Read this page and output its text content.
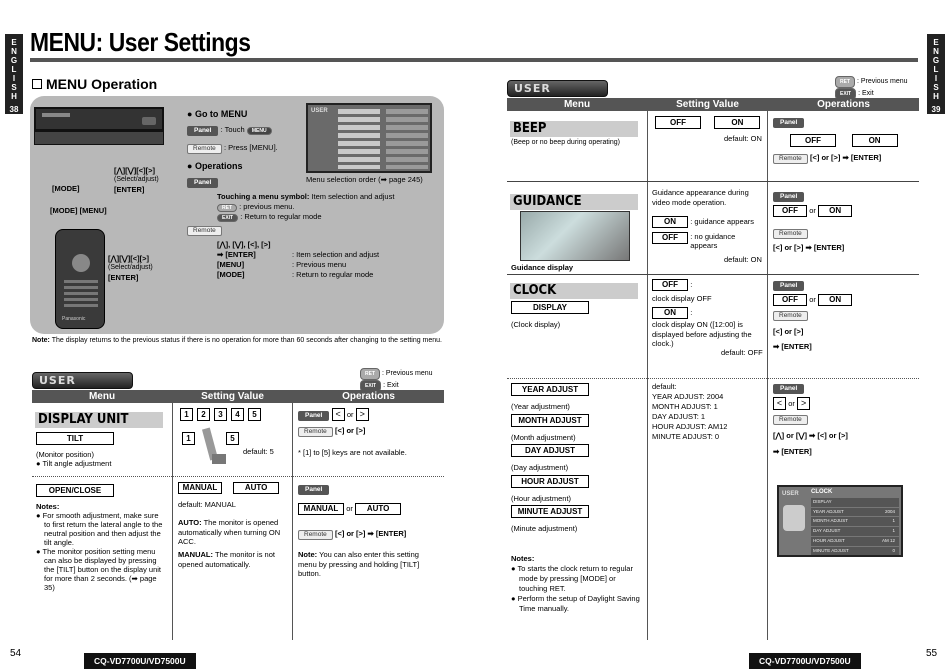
E
N
G
L
I
S
H

38
E
N
G
L
I
S
H

39
MENU: User Settings
MENU Operation
[MODE]
[⋀][⋁][<][>]
(Select/adjust)
[ENTER]
[MODE] [MENU]
Panasonic
[⋀][⋁][<][>]
(Select/adjust)
[ENTER]
● Go to MENU
Panel : Touch MENU
Remote : Press [MENU].
● Operations
Panel
Touching a menu symbol: Item selection and adjust
RET : previous menu.
EXIT : Return to regular mode
Remote
[⋀], [⋁], [<], [>]
➡ [ENTER]
[MENU]
[MODE]
: Item selection and adjust
: Previous menu
: Return to regular mode
USER
Menu selection order (➡ page 245)
Note: The display returns to the previous status if there is no operation for more than 60 seconds after changing to the setting menu.
USER	RET : Previous menu
EXIT : Exit
Menu	Setting Value	Operations
DISPLAY UNIT
TILT
(Monitor position)
● Tilt angle adjustment
1 2 3 4 5
1	5
default: 5
Panel < or >
Remote [<] or [>]
* [1] to [5] keys are not available.
OPEN/CLOSE
Notes:
● For smooth adjustment, make sure to first return the lateral angle to the neutral position and then adjust the tilt angle.
● The monitor position setting menu can also be displayed by pressing the [TILT] button on the display unit for more than 2 seconds. (➡ page 35)
MANUAL	AUTO
default: MANUAL
AUTO: The monitor is opened automatically when turning ON ACC.
MANUAL: The monitor is not opened automatically.
Panel
MANUAL or AUTO
Remote [<] or [>] ➡ [ENTER]
Note: You can also enter this setting menu by pressing and holding [TILT] button.
USER	RET : Previous menu
EXIT : Exit
Menu	Setting Value	Operations
BEEP
(Beep or no beep during operating)
OFF	ON
default: ON
Panel
OFF	ON
Remote [<] or [>] ➡ [ENTER]
GUIDANCE
Guidance display
Guidance appearance during video mode operation.
ON : guidance appears
OFF : no guidance appears
default: ON
Panel
OFF or ON
Remote
[<] or [>] ➡ [ENTER]
CLOCK
DISPLAY
(Clock display)
OFF :
clock display OFF
ON :
clock display ON ([12:00] is displayed before adjusting the clock.)
default: OFF
Panel
OFF or ON
Remote
[<] or [>]
➡ [ENTER]
YEAR ADJUST
(Year adjustment)
MONTH ADJUST
(Month adjustment)
DAY ADJUST
(Day adjustment)
HOUR ADJUST
(Hour adjustment)
MINUTE ADJUST
(Minute adjustment)
Notes:
● To starts the clock return to regular mode by pressing [MODE] or touching RET.
● Perform the setup of Daylight Saving Time manually.
default:
YEAR ADJUST: 2004
MONTH ADJUST: 1
DAY ADJUST: 1
HOUR ADJUST: AM12
MINUTE ADJUST: 0
Panel
< or >
Remote
[⋀] or [⋁] ➡ [<] or [>]
➡ [ENTER]
USER CLOCK
DISPLAY
YEAR ADJUST	2004
MONTH ADJUST	1
DAY ADJUST	1
HOUR ADJUST	AM 12
MINUTE ADJUST	0
54
CQ-VD7700U/VD7500U	CQ-VD7700U/VD7500U
55
